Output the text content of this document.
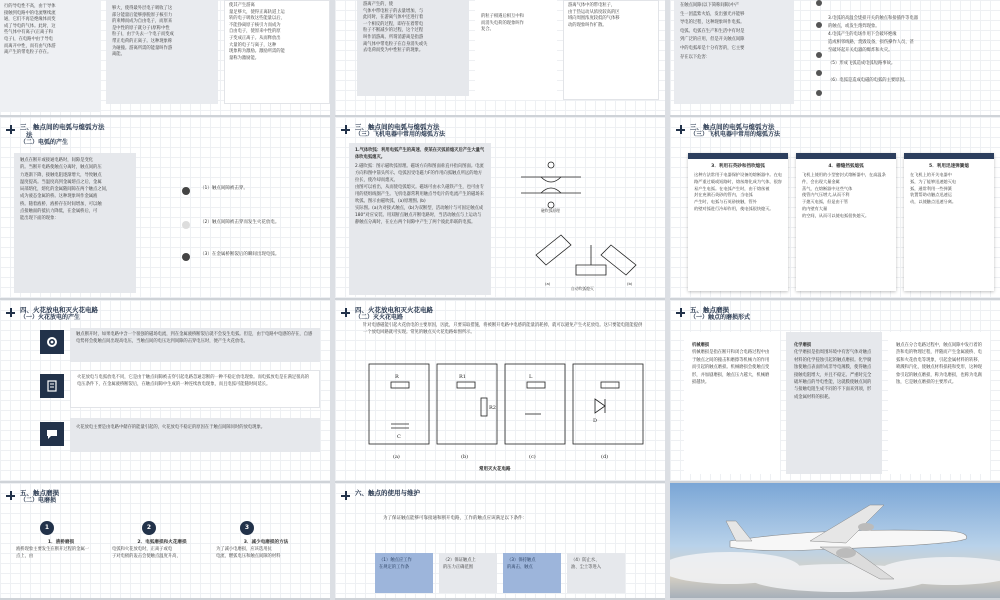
行的导电性不高，由于导体
接触到电路中的电流继续流
通，它们不再是绝缘体而变
成了导电的气体。此时，这
些气体中有离子(正离子和
电子)，在电路中由于导电
而离开中性，而有由气体游
离产生的带电粒子存在。
够大，使得最外层电子吸收了这
部分能量后能够挣脱原子核引力
的束缚而成为自由电子，而原来
是中性的原子就分子(原称中性
粒子)，由于失去一个电子而变成
带正电荷的正离子。这种现象称
为碰撞。游离所需的能量叫作游
离能。
使其产生游离
量足够大，使得正离轨道上运
转的电子吸收这些能量以后，
不能挣离原子核引力而成为
自由电子，使原来中性的原
子变成正离子。从而释放出
大量的电子与离子，这种
现象称为激励。激励所需的能
量称为激励能。
游离产生的，使
气体中带电粒子的去量增加，与
此同时，在游离气体中还进行着
一个相反的过程，即存在着带电
粒子不断减少的过程，这个过程
叫作消游离。所谓消游离是指游
离气体中带电粒子在自身消失或失
去电荷而变为中性粒子的现象。
的粒子相遇后相互中和
而消失电荷的现象叫作
复合。
游离气体中的带电粒子，
由于热运动从浓度较高的区
域向周围浓度较低的气体移
动的现象叫作扩散。
在触点间隙(以下简称间隙)中产
生一团蓝紫火焰，发出强光并能够
导电的过程，这种现象叫作电弧。
电弧。电弧在生产和生活中有时是
到广泛的应用，但是开关触点间隙
中的电弧却是十分有害的，它主要
存在以下危害：
3.电弧的高温会烧损开关的触点和接插件等电器
的触点，或发生熔焊现象。
4.电弧产生的电场作用下会破坏绝缘
造成相邻线路，烧毁设备，损伤操作人员，甚
至破坏起开关电器的爆炸和火灾。
（5）形成飞弧造成电弧短路事故。
（6）电弧是造成电磁的电弧的主要原因。
三、触点间的电弧与熄弧方法
法
（二）电弧的产生
触点在断开或接通电路时，间隙是变化
的。当断开电路使触点分离时，触点间的压
力逐渐下降，接触电阻逐渐增大，导致触点
温度提高。当温度高到金属熔点之后，金属
局部熔化，熔化的金属随间隙在两个触点之间，
成为液态金属的桥。这种现象叫作金属液
桥。随着液桥、液桥存在时间增加，可以触
点接触面的抵抗力降低，在金属桥后，可
能出现下面的现象：
（1）触点间隙被击穿。
（2）触点间隙被击穿而发生火花放电。
（3）在金属桥断裂后的瞬间出现电弧。
三、触点间的电弧与熄弧方法
（三）飞机电器中常用的熄弧方法
1.气体吹弧：利用电弧产生的高速、使某在灭弧前熄灭后产生大量气体吹电弧熄灭。
2.磁吹弧：图示磁吹弧原理。磁场方向和图面垂直并指向图面。电流方向和图中箭头所示。电弧因受电磁力F的作用向弧触点所远的地方拉长，使冷却而熄灭。
由图可以看出，从而使电弧熄灭。磁场可由永久磁铁产生，也可由专用的绕组线圈产生。飞机电器常利用触点导电片的电流产生的磁场来吹弧。图示由磁吹弧，(a)原理图, (b)
实际图。(a)为对接式触点，(b)为双断型，活动触片与可固定触点成180°对应安装。用双断点触点开断电路时，当活动触点与上运动与静触点分离时，在左右两个间隙中产生了两个彼此串联的电弧。
磁吹弧原理
(a)	(b)
自动吹弧熄灭
三、触点间的电弧与熄弧方法
（三）飞机电器中常用的熄弧方法
3．利用石英砂和挡吹熄弧
这种方法常用于电器保护设备的熔断器中。在电路严重过载或短路时，熔丝熔化成为气体，很容易产生电弧。在电弧产生时，由于熔丝被
封在充满石英砂的管内，当电弧
产生时，电弧与石英砂接触，管外
的壁对弧进行冷却作用，使电弧很快熄灭。
4．栅缝挡弧熄弧
飞机上使用的小型密封式熔断器中，在高温条件，会出现大量金属
蒸气，在熔断器中这些气体
使管内气压增大,从而不利
于熄灭电弧，但是由于管
的内壁有大量
的空间，从而可以使电弧很快熄灭。
5．利用迅速弹簧熄
在飞机上的开关电器中
弧，为了能够迅速熄灭电
弧，通常利用一些弹簧
装置帮助动触点迅速运
动，以使触点迅速分离。
四、火花放电和灭火花电路
（一）火花放电的产生
触点断开时，如果电路中含一个很强的磁场电流，到在金属液桥断裂后就不会发生电弧。但是，由于电路中电感的存在，自感电势将会使触点间出现高电压，当触点间的电压达到间隙的击穿电压时，便产生火花放电。
火花放电与电弧放电不同，它是由于触点间隙被击穿引起电路忽通忽断的一种不稳定放电现象。而电弧放电是在满足很高的电压条件下，在金属液桥断裂后，在触点间隙中生成的一种连续放电现象，而且电弧可能随时间延长。
火花放电主要是由电路中储存的能量引起的，火花放电不稳定的原因在于触点间隙同时的放电现象。
四、火花放电和灭火花电路
（二）灭火花电路
针对电感磁能引起火花放电的主要原因，因此，只要采取措施，将被断开电路中电感的能量消耗掉，就可以避免产生火花放电。这只要能电阻能提供一个放电回路就可实现。常见的触点灭火花电路如图所示。
R	R1
R2
L
C
D
(a)	(b)	(c)	(d)
常用灭火花电路
五、触点磨损
（一）触点的磨损形式
机械磨损
机械磨损是指在断开和闭合电路过程中由于触点之间的撞击和磨擦等机械力的作用而引起的触点磨损。机械磨损会使触点变形，并加剧磨损，触点压力越大，机械磨损越快。
化学磨损
化学磨损是指周围环境中有害气体对触点材料的化学侵蚀引起的触点磨损。化学腐蚀使触点表面形成非导电薄膜，使得触点接触电阻增大，并且不稳定。严重时完全破坏触点的导电性能，这就膜使触点间的与接触电阻生成不同的不下面来到项，形成金属材料的损耗。
触点在分合电路过程中，触点间隙中发行着的热和电的物理过程，伴随而产生金属液桥、电弧和火花放电等现象，引起金属材料的转移、喷溅和汽化，使触点材料损耗和变形，这种现象引起的触点磨损，称为电磨损，也称为电腐蚀，它是触点磨损的主要形式。
五、触点磨损
（二）电磨损
1	2	3
1．液桥磨损
液桥现象主要发生在断开过程的金属一
点上，由
2．电弧磨损和火花磨损
电弧和火花放电时，正离子或电
子对电极的轰击会使触点温度升高，
3．减少电磨损的方法
为了减小电磨损，应该选用抗
电流、燃弧电压和触点间隙的材料
六、触点的使用与维护
为了保证触点能够可靠接通和断开电路，工作的触点应该满足以下条件：
（1）触点应工作
在规定的工作条
（2）保证触点上
的压力正确范围
（3）保持触点
的离击、触点
（4）防止水、
油、尘土等进入
